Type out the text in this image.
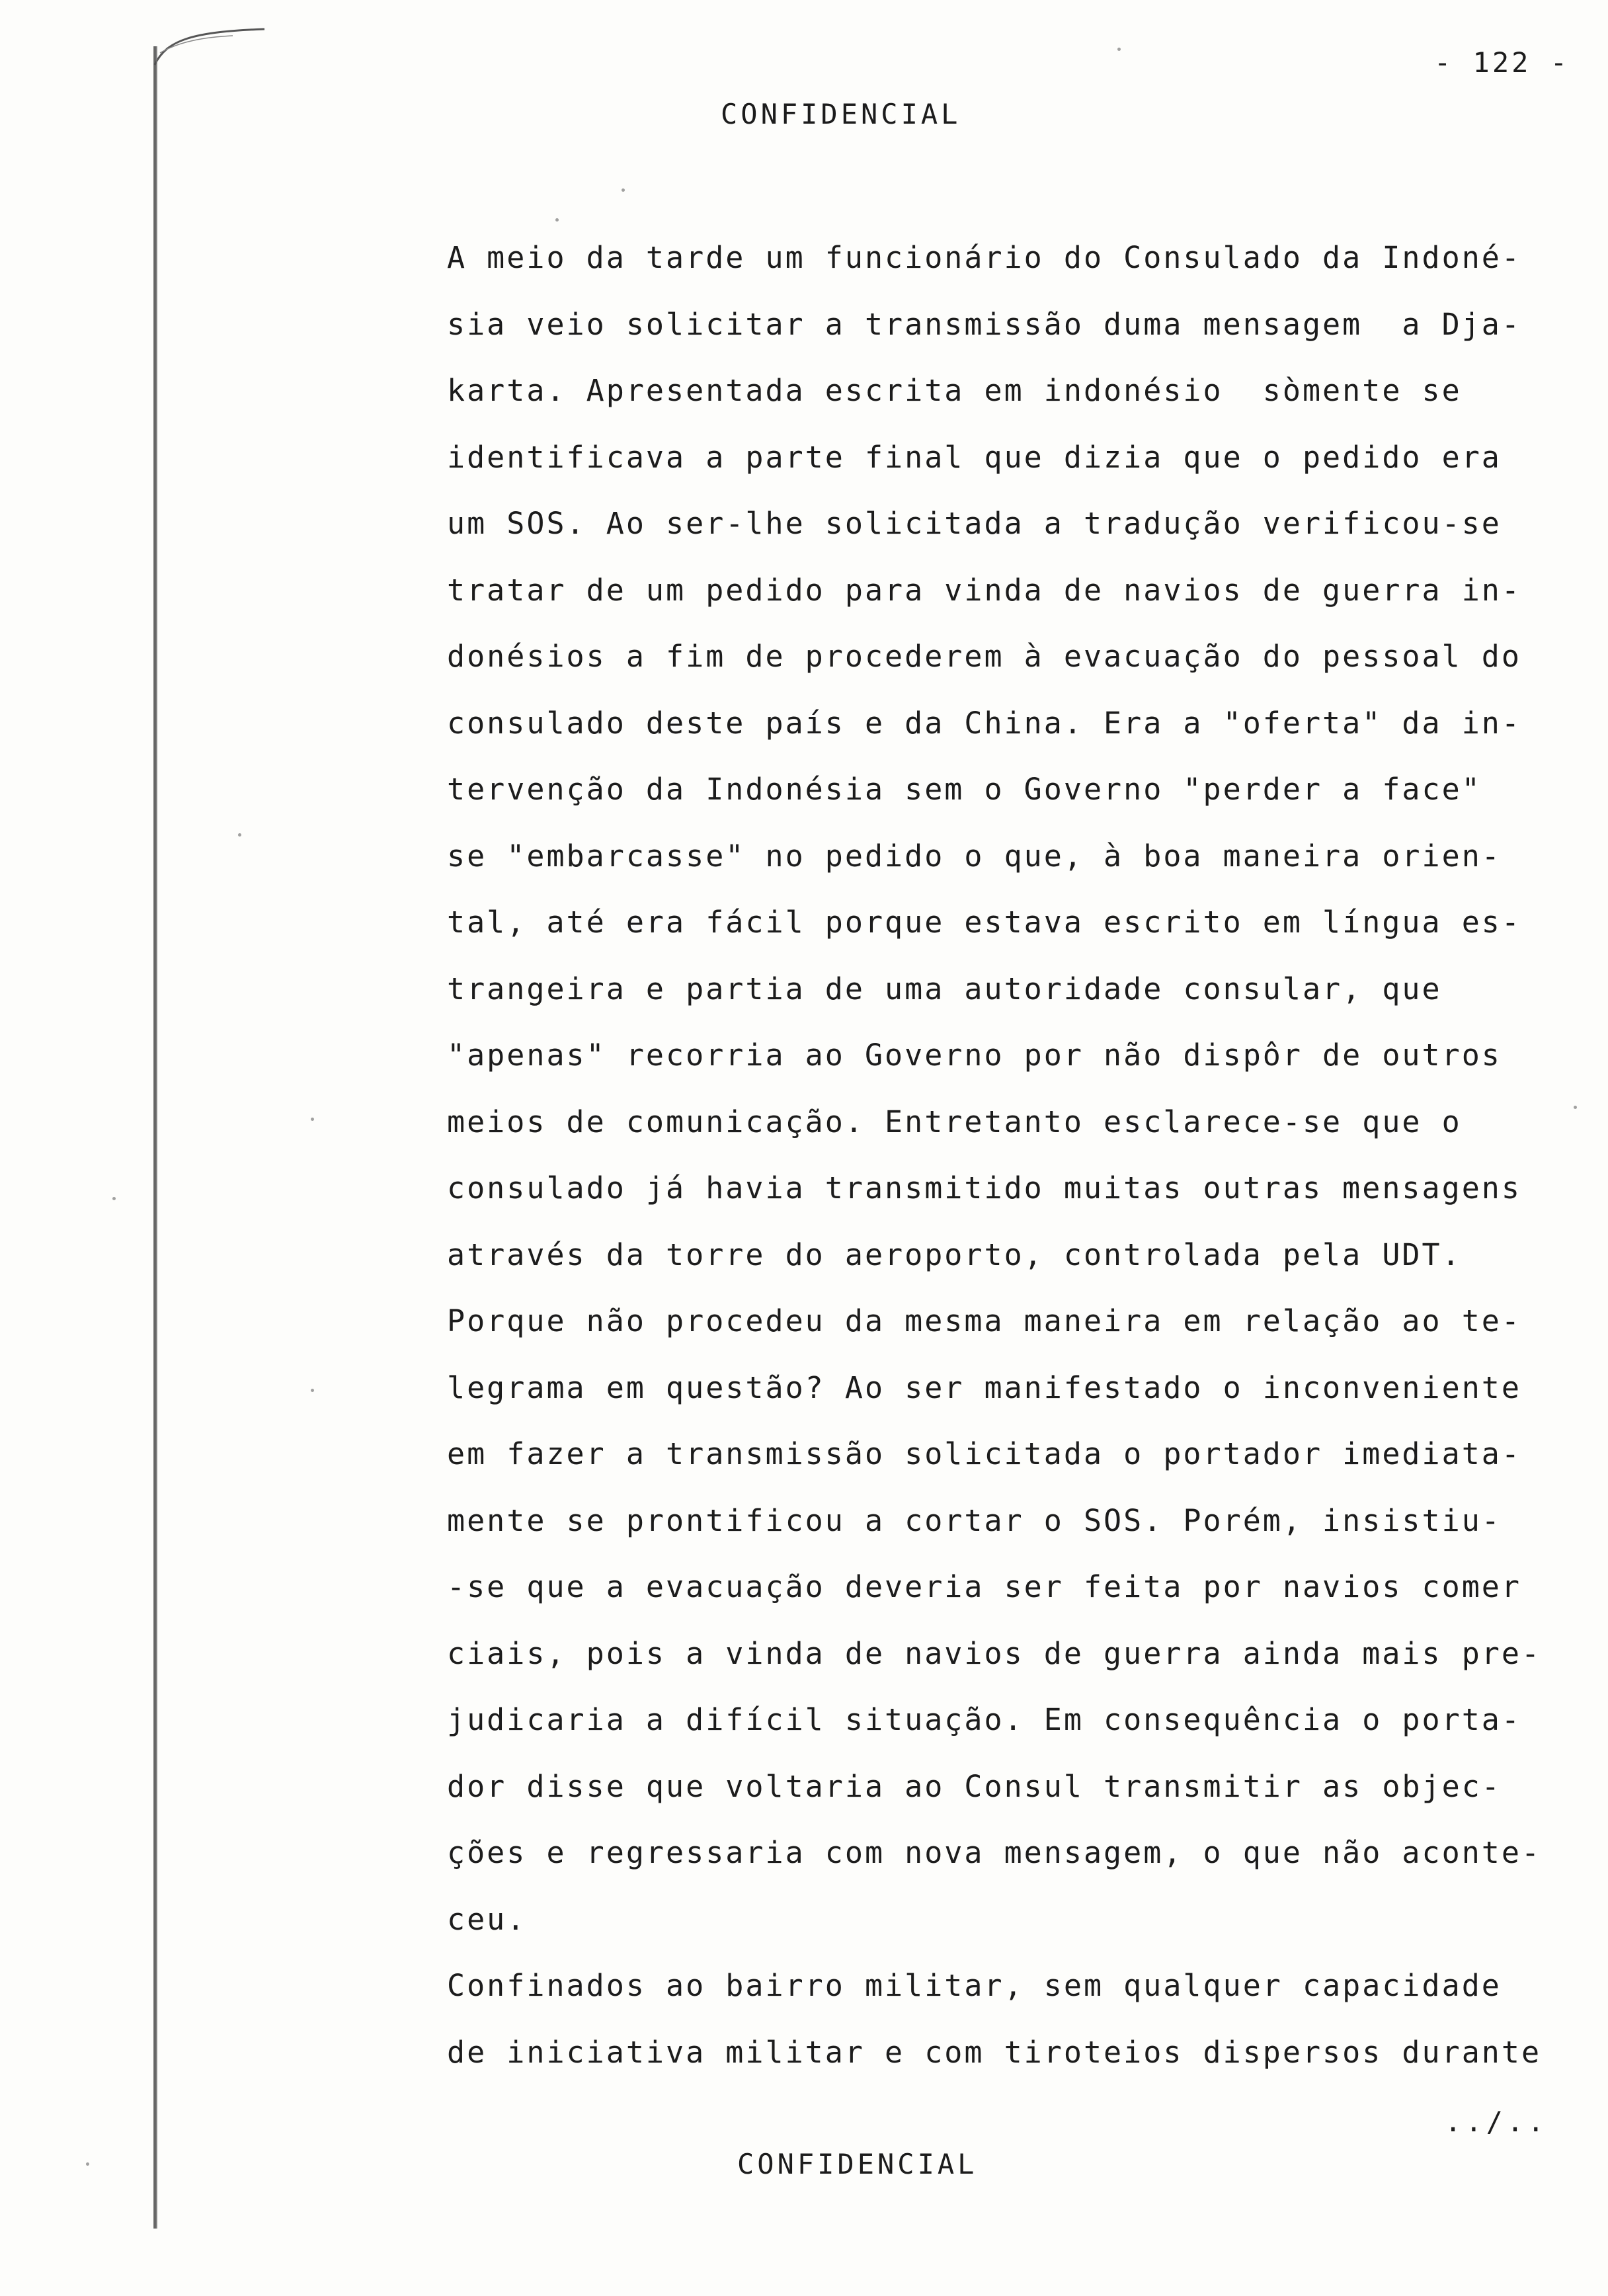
- 122 -
CONFIDENCIAL
A meio da tarde um funcionário do Consulado da Indoné-
sia veio solicitar a transmissão duma mensagem  a Dja-
karta. Apresentada escrita em indonésio  sòmente se
identificava a parte final que dizia que o pedido era
um SOS. Ao ser-lhe solicitada a tradução verificou-se
tratar de um pedido para vinda de navios de guerra in-
donésios a fim de procederem à evacuação do pessoal do
consulado deste país e da China. Era a "oferta" da in-
tervenção da Indonésia sem o Governo "perder a face"
se "embarcasse" no pedido o que, à boa maneira orien-
tal, até era fácil porque estava escrito em língua es-
trangeira e partia de uma autoridade consular, que
"apenas" recorria ao Governo por não dispôr de outros
meios de comunicação. Entretanto esclarece-se que o
consulado já havia transmitido muitas outras mensagens
através da torre do aeroporto, controlada pela UDT.
Porque não procedeu da mesma maneira em relação ao te-
legrama em questão? Ao ser manifestado o inconveniente
em fazer a transmissão solicitada o portador imediata-
mente se prontificou a cortar o SOS. Porém, insistiu-
-se que a evacuação deveria ser feita por navios comer
ciais, pois a vinda de navios de guerra ainda mais pre-
judicaria a difícil situação. Em consequência o porta-
dor disse que voltaria ao Consul transmitir as objec-
ções e regressaria com nova mensagem, o que não aconte-
ceu.
Confinados ao bairro militar, sem qualquer capacidade
de iniciativa militar e com tiroteios dispersos durante
../..
CONFIDENCIAL
